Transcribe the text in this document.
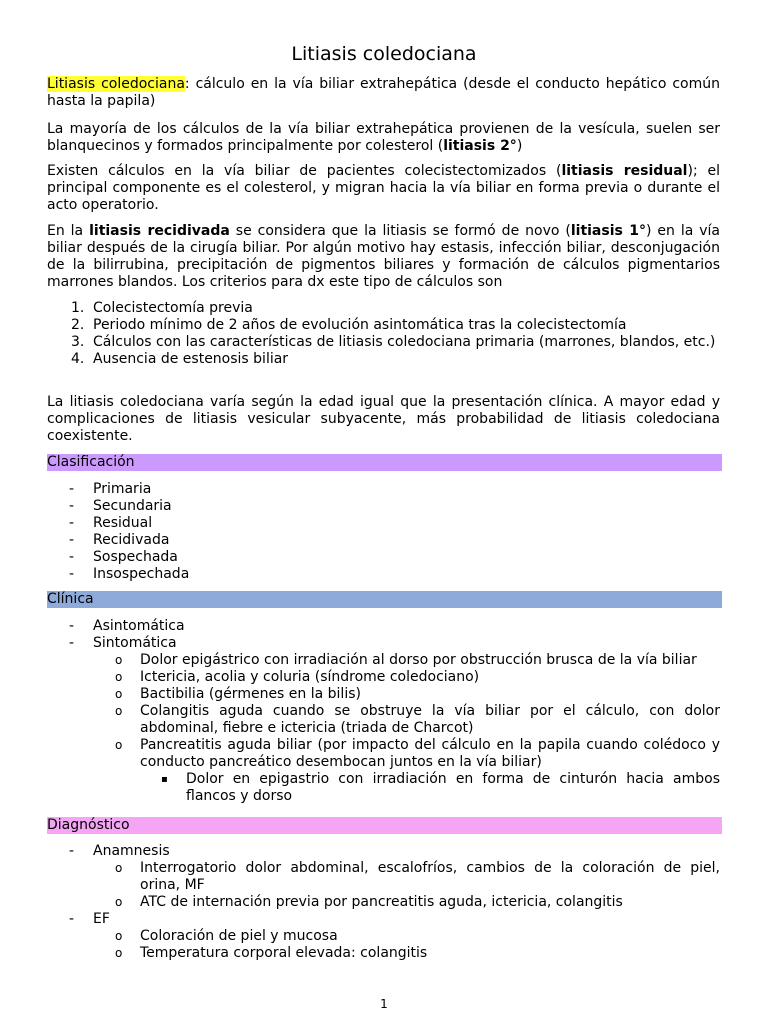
Litiasis coledociana

Litiasis coledociana: cálculo en la vía biliar extrahepática (desde el conducto hepático común hasta la papila)

La mayoría de los cálculos de la vía biliar extrahepática provienen de la vesícula, suelen ser blanquecinos y formados principalmente por colesterol (litiasis 2°)

Existen cálculos en la vía biliar de pacientes colecistectomizados (litiasis residual); el principal componente es el colesterol, y migran hacia la vía biliar en forma previa o durante el acto operatorio.

En la litiasis recidivada se considera que la litiasis se formó de novo (litiasis 1°) en la vía biliar después de la cirugía biliar. Por algún motivo hay estasis, infección biliar, desconjugación de la bilirrubina, precipitación de pigmentos biliares y formación de cálculos pigmentarios marrones blandos. Los criterios para dx este tipo de cálculos son

1. Colecistectomía previa
2. Periodo mínimo de 2 años de evolución asintomática tras la colecistectomía
3. Cálculos con las características de litiasis coledociana primaria (marrones, blandos, etc.)
4. Ausencia de estenosis biliar

La litiasis coledociana varía según la edad igual que la presentación clínica. A mayor edad y complicaciones de litiasis vesicular subyacente, más probabilidad de litiasis coledociana coexistente.

Clasificación
-	Primaria
-	Secundaria
-	Residual
-	Recidivada
-	Sospechada
-	Insospechada
Clínica
-	Asintomática
-	Sintomática
o	Dolor epigástrico con irradiación al dorso por obstrucción brusca de la vía biliar
o	Ictericia, acolia y coluria (síndrome coledociano)
o	Bactibilia (gérmenes en la bilis)
o	Colangitis aguda cuando se obstruye la vía biliar por el cálculo, con dolor abdominal, fiebre e ictericia (triada de Charcot)
o	Pancreatitis aguda biliar (por impacto del cálculo en la papila cuando colédoco y conducto pancreático desembocan juntos en la vía biliar)
▪	Dolor en epigastrio con irradiación en forma de cinturón hacia ambos flancos y dorso
Diagnóstico
-	Anamnesis
o	Interrogatorio dolor abdominal, escalofríos, cambios de la coloración de piel, orina, MF
o	ATC de internación previa por pancreatitis aguda, ictericia, colangitis
-	EF
o	Coloración de piel y mucosa
o	Temperatura corporal elevada: colangitis
1
